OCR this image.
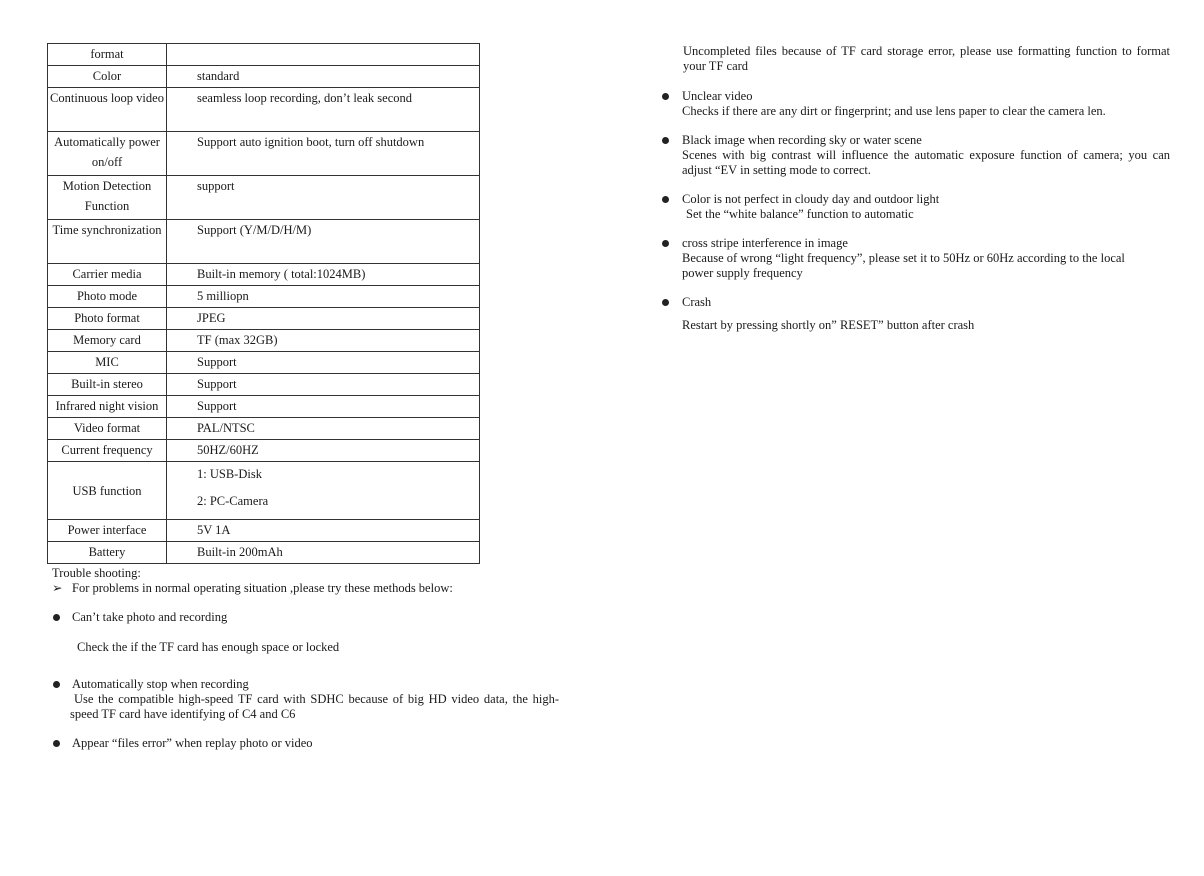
format	
Color	standard
Continuous loop video	seamless loop recording, don’t leak second
Automatically power on/off	Support auto ignition boot, turn off shutdown
Motion Detection Function	support
Time synchronization	Support (Y/M/D/H/M)
Carrier media	Built-in memory ( total:1024MB)
Photo mode	5 milliopn
Photo format	JPEG
Memory card	TF (max 32GB)
MIC	Support
Built-in stereo	Support
Infrared night vision	Support
Video format	PAL/NTSC
Current frequency	50HZ/60HZ
USB function	1: USB-Disk
2: PC-Camera

Power interface	5V 1A
Battery	Built-in 200mAh
Trouble shooting:
➢ For problems in normal operating situation ,please try these methods below:
Can’t take photo and recording
Check the if the TF card has enough space or locked
Automatically stop when recording
Use the compatible high-speed TF card with SDHC because of big HD video data, the high-speed TF card have identifying of C4 and C6
Appear “files error” when replay photo or video
Uncompleted files because of TF card storage error, please use formatting function to format your TF card
Unclear video
Checks if there are any dirt or fingerprint; and use lens paper to clear the camera len.
Black image when recording sky or water scene
Scenes with big contrast will influence the automatic exposure function of camera; you can adjust “EV in setting mode to correct.
Color is not perfect in cloudy day and outdoor light
Set the “white balance” function to automatic
cross stripe interference in image
Because of wrong “light frequency”, please set it to 50Hz or 60Hz according to the local power supply frequency
Crash
Restart by pressing shortly on” RESET” button after crash
